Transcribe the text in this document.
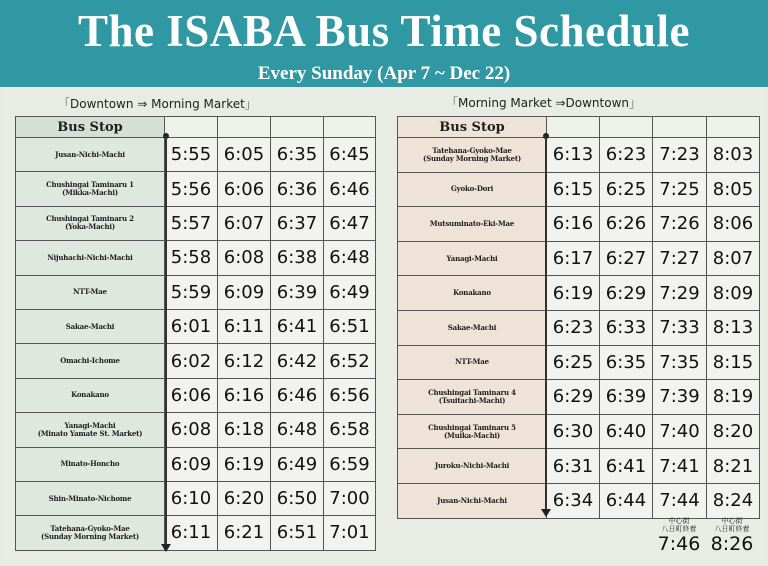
The ISABA Bus Time Schedule
Every Sunday (Apr 7 ~ Dec 22)
「Downtown ⇒ Morning Market」	「Morning Market ⇒Downtown」
Bus Stop				

Jusan-Nichi-Machi	5:55	6:05	6:35	6:45

Chushingai Taminaru 1
(Mikka-Machi)	5:56	6:06	6:36	6:46

Chushingai Taminaru 2
(Yoka-Machi)	5:57	6:07	6:37	6:47

Nijuhachi-Nichi-Machi	5:58	6:08	6:38	6:48

NTT-Mae	5:59	6:09	6:39	6:49

Sakae-Machi	6:01	6:11	6:41	6:51

Omachi-Ichome	6:02	6:12	6:42	6:52

Konakano	6:06	6:16	6:46	6:56

Yanagi-Machi
(Minato Yamate St. Market)	6:08	6:18	6:48	6:58

Minato-Honcho	6:09	6:19	6:49	6:59

Shin-Minato-Nichome	6:10	6:20	6:50	7:00

Tatehana-Gyoko-Mae
(Sunday Morning Market)	6:11	6:21	6:51	7:01
Bus Stop				

Tatehana-Gyoko-Mae
(Sunday Morning Market)	6:13	6:23	7:23	8:03

Gyoko-Dori	6:15	6:25	7:25	8:05

Mutsuminato-Eki-Mae	6:16	6:26	7:26	8:06

Yanagi-Machi	6:17	6:27	7:27	8:07

Konakano	6:19	6:29	7:29	8:09

Sakae-Machi	6:23	6:33	7:33	8:13

NTT-Mae	6:25	6:35	7:35	8:15

Chushingai Taminaru 4
(Tsuitachi-Machi)	6:29	6:39	7:39	8:19

Chushingai Taminaru 5
(Muika-Machi)	6:30	6:40	7:40	8:20

Juroku-Nichi-Machi	6:31	6:41	7:41	8:21

Jusan-Nichi-Machi	6:34	6:44	7:44	8:24
中心街
八日町終着
7:46
中心街
八日町終着
8:26
